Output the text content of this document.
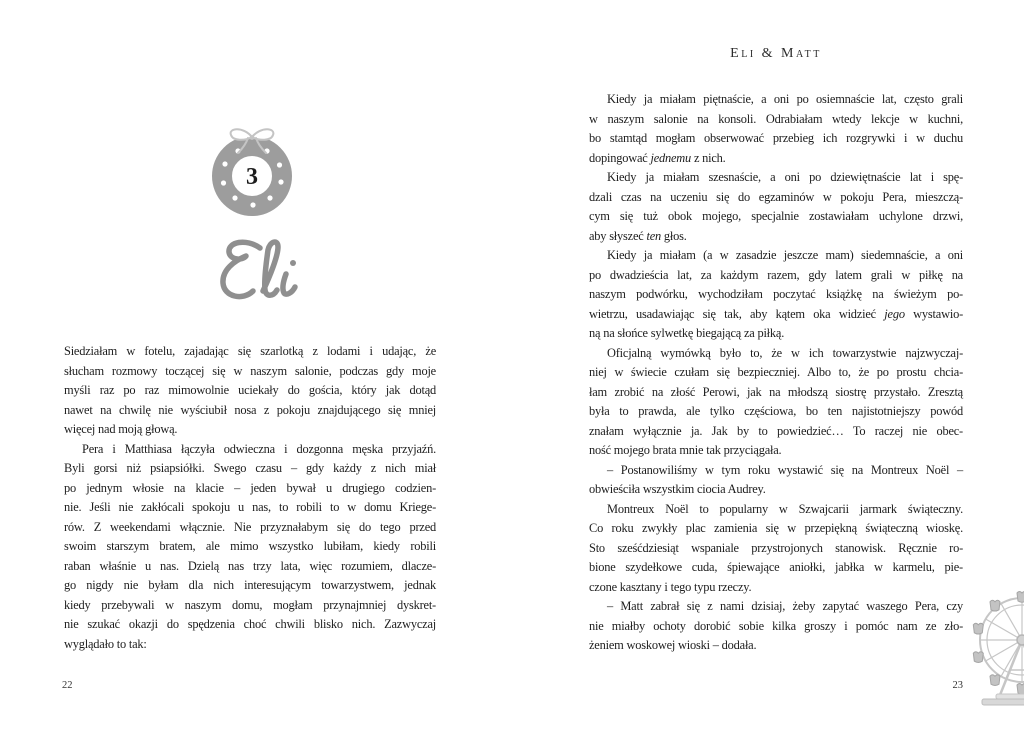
3
Siedziałam w fotelu, zajadając się szarlotką z lodami i udając, że
słucham rozmowy toczącej się w naszym salonie, podczas gdy moje
myśli raz po raz mimowolnie uciekały do gościa, który jak dotąd
nawet na chwilę nie wyściubił nosa z pokoju znajdującego się mniej
więcej nad moją głową.
Pera i Matthiasa łączyła odwieczna i dozgonna męska przyjaźń.
Byli gorsi niż psiapsiółki. Swego czasu – gdy każdy z nich miał
po jednym włosie na klacie – jeden bywał u drugiego codzien-
nie. Jeśli nie zakłócali spokoju u nas, to robili to w domu Kriege-
rów. Z weekendami włącznie. Nie przyznałabym się do tego przed
swoim starszym bratem, ale mimo wszystko lubiłam, kiedy robili
raban właśnie u nas. Dzielą nas trzy lata, więc rozumiem, dlacze-
go nigdy nie byłam dla nich interesującym towarzystwem, jednak
kiedy przebywali w naszym domu, mogłam przynajmniej dyskret-
nie szukać okazji do spędzenia choć chwili blisko nich. Zazwyczaj
wyglądało to tak:
22
Eli & Matt
Kiedy ja miałam piętnaście, a oni po osiemnaście lat, często grali
w naszym salonie na konsoli. Odrabiałam wtedy lekcje w kuchni,
bo stamtąd mogłam obserwować przebieg ich rozgrywki i w duchu
dopingować jednemu z nich.
Kiedy ja miałam szesnaście, a oni po dziewiętnaście lat i spę-
dzali czas na uczeniu się do egzaminów w pokoju Pera, mieszczą-
cym się tuż obok mojego, specjalnie zostawiałam uchylone drzwi,
aby słyszeć ten głos.
Kiedy ja miałam (a w zasadzie jeszcze mam) siedemnaście, a oni
po dwadzieścia lat, za każdym razem, gdy latem grali w piłkę na
naszym podwórku, wychodziłam poczytać książkę na świeżym po-
wietrzu, usadawiając się tak, aby kątem oka widzieć jego wystawio-
ną na słońce sylwetkę biegającą za piłką.
Oficjalną wymówką było to, że w ich towarzystwie najzwyczaj-
niej w świecie czułam się bezpieczniej. Albo to, że po prostu chcia-
łam zrobić na złość Perowi, jak na młodszą siostrę przystało. Zresztą
była to prawda, ale tylko częściowa, bo ten najistotniejszy powód
znałam wyłącznie ja. Jak by to powiedzieć… To raczej nie obec-
ność mojego brata mnie tak przyciągała.
– Postanowiliśmy w tym roku wystawić się na Montreux Noël –
obwieściła wszystkim ciocia Audrey.
Montreux Noël to popularny w Szwajcarii jarmark świąteczny.
Co roku zwykły plac zamienia się w przepiękną świąteczną wioskę.
Sto sześćdziesiąt wspaniale przystrojonych stanowisk. Ręcznie ro-
bione szydełkowe cuda, śpiewające aniołki, jabłka w karmelu, pie-
czone kasztany i tego typu rzeczy.
– Matt zabrał się z nami dzisiaj, żeby zapytać waszego Pera, czy
nie miałby ochoty dorobić sobie kilka groszy i pomóc nam ze zło-
żeniem woskowej wioski – dodała.
23
